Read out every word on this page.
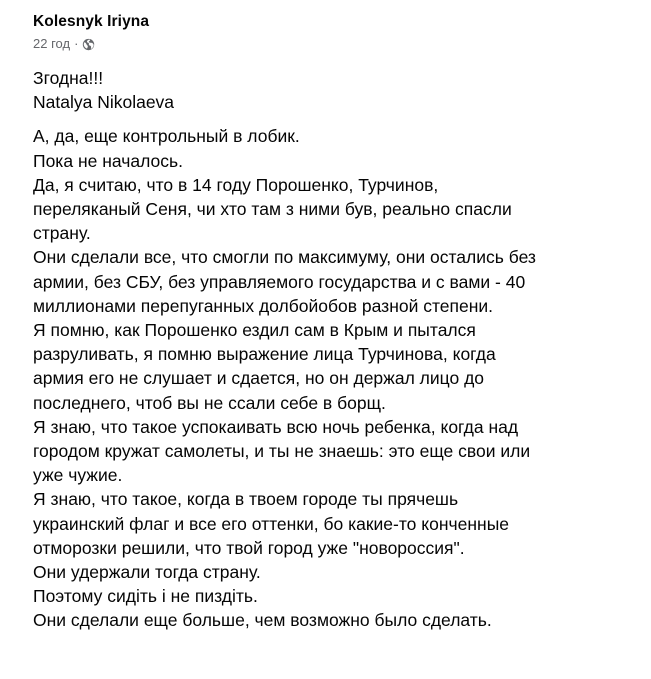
Kolesnyk Iriyna
22 год ·

Згодна!!!
Natalya Nikolaeva

А, да, еще контрольный в лобик.
Пока не началось.
Да, я считаю, что в 14 году Порошенко, Турчинов,
переляканый Сеня, чи хто там з ними був, реально спасли
страну.
Они сделали все, что смогли по максимуму, они остались без
армии, без СБУ, без управляемого государства и с вами - 40
миллионами перепуганных долбойобов разной степени.
Я помню, как Порошенко ездил сам в Крым и пытался
разруливать, я помню выражение лица Турчинова, когда
армия его не слушает и сдается, но он держал лицо до
последнего, чтоб вы не ссали себе в борщ.
Я знаю, что такое успокаивать всю ночь ребенка, когда над
городом кружат самолеты, и ты не знаешь: это еще свои или
уже чужие.
Я знаю, что такое, когда в твоем городе ты прячешь
украинский флаг и все его оттенки, бо какие-то конченные
отморозки решили, что твой город уже "новороссия".
Они удержали тогда страну.
Поэтому сидіть і не пиздіть.
Они сделали еще больше, чем возможно было сделать.
